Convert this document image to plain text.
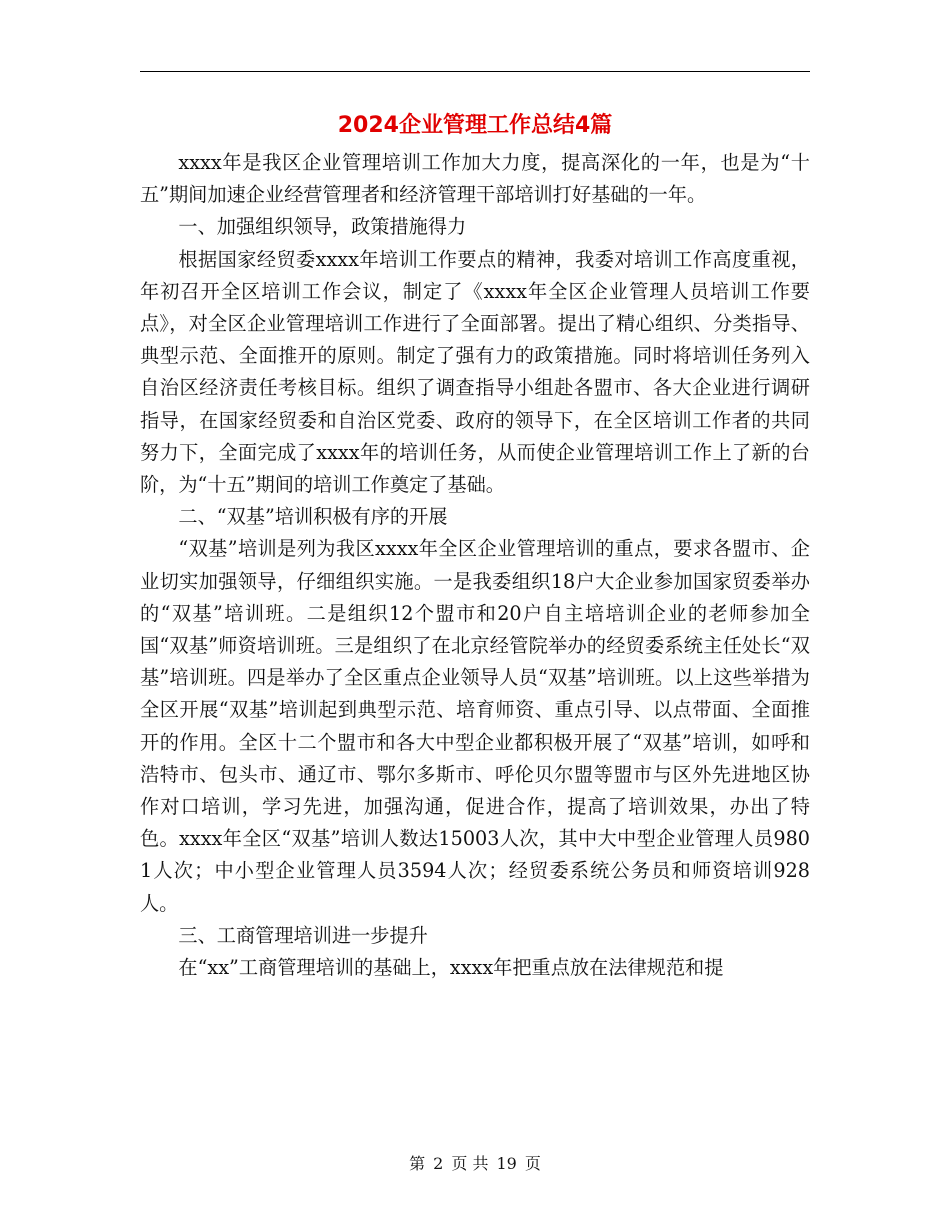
2024企业管理工作总结4篇

xxxx年是我区企业管理培训工作加大力度，提高深化的一年，也是为“十五”期间加速企业经营管理者和经济管理干部培训打好基础的一年。

一、加强组织领导，政策措施得力

根据国家经贸委xxxx年培训工作要点的精神，我委对培训工作高度重视，年初召开全区培训工作会议，制定了《xxxx年全区企业管理人员培训工作要点》，对全区企业管理培训工作进行了全面部署。提出了精心组织、分类指导、典型示范、全面推开的原则。制定了强有力的政策措施。同时将培训任务列入自治区经济责任考核目标。组织了调查指导小组赴各盟市、各大企业进行调研指导，在国家经贸委和自治区党委、政府的领导下，在全区培训工作者的共同努力下，全面完成了xxxx年的培训任务，从而使企业管理培训工作上了新的台阶，为“十五”期间的培训工作奠定了基础。

二、“双基”培训积极有序的开展

“双基”培训是列为我区xxxx年全区企业管理培训的重点，要求各盟市、企业切实加强领导，仔细组织实施。一是我委组织18户大企业参加国家贸委举办的“双基”培训班。二是组织12个盟市和20户自主培培训企业的老师参加全国“双基”师资培训班。三是组织了在北京经管院举办的经贸委系统主任处长“双基”培训班。四是举办了全区重点企业领导人员“双基”培训班。以上这些举措为全区开展“双基”培训起到典型示范、培育师资、重点引导、以点带面、全面推开的作用。全区十二个盟市和各大中型企业都积极开展了“双基”培训，如呼和浩特市、包头市、通辽市、鄂尔多斯市、呼伦贝尔盟等盟市与区外先进地区协作对口培训，学习先进，加强沟通，促进合作，提高了培训效果，办出了特色。xxxx年全区“双基”培训人数达15003人次，其中大中型企业管理人员9801人次；中小型企业管理人员3594人次；经贸委系统公务员和师资培训928人。

三、工商管理培训进一步提升

在“xx”工商管理培训的基础上，xxxx年把重点放在法律规范和提

第 2 页 共 19 页
